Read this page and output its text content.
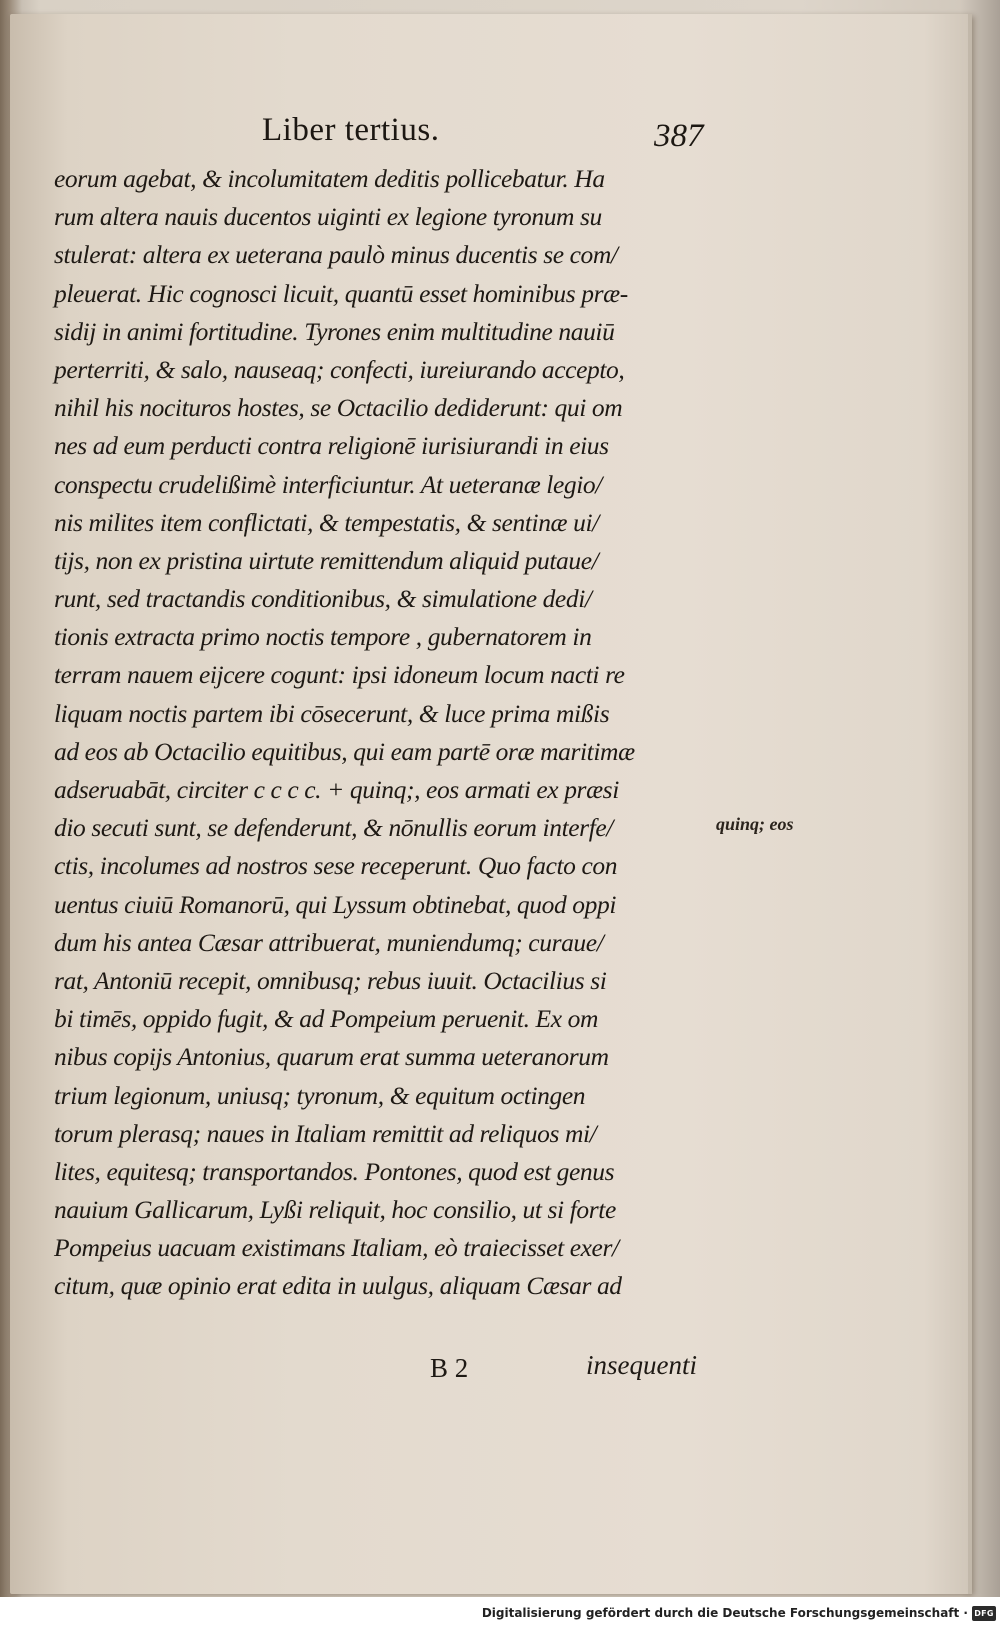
Liber tertius.	387
eorum agebat, & incolumitatem deditis pollicebatur. Ha
rum altera nauis ducentos uiginti ex legione tyronum su
stulerat: altera ex ueterana paulò minus ducentis se com/
pleuerat. Hic cognosci licuit, quantū esset hominibus præ-
sidij in animi fortitudine. Tyrones enim multitudine nauiū
perterriti, & salo, nauseaq; confecti, iureiurando accepto,
nihil his nocituros hostes, se Octacilio dediderunt: qui om
nes ad eum perducti contra religionē iurisiurandi in eius
conspectu crudelißimè interficiuntur. At ueteranæ legio/
nis milites item conflictati, & tempestatis, & sentinæ ui/
tijs, non ex pristina uirtute remittendum aliquid putaue/
runt, sed tractandis conditionibus, & simulatione dedi/
tionis extracta primo noctis tempore , gubernatorem in
terram nauem eijcere cogunt: ipsi idoneum locum nacti re
liquam noctis partem ibi cōsecerunt, & luce prima mißis
ad eos ab Octacilio equitibus, qui eam partē oræ maritimæ
adseruabāt, circiter c c c c. + quinq;, eos armati ex præsi
dio secuti sunt, se defenderunt, & nōnullis eorum interfe/
ctis, incolumes ad nostros sese receperunt. Quo facto con
uentus ciuiū Romanorū, qui Lyssum obtinebat, quod oppi
dum his antea Cæsar attribuerat, muniendumq; curaue/
rat, Antoniū recepit, omnibusq; rebus iuuit. Octacilius si
bi timēs, oppido fugit, & ad Pompeium peruenit. Ex om
nibus copijs Antonius, quarum erat summa ueteranorum
trium legionum, uniusq; tyronum, & equitum octingen
torum plerasq; naues in Italiam remittit ad reliquos mi/
lites, equitesq; transportandos. Pontones, quod est genus
nauium Gallicarum, Lyßi reliquit, hoc consilio, ut si forte
Pompeius uacuam existimans Italiam, eò traiecisset exer/
citum, quæ opinio erat edita in uulgus, aliquam Cæsar ad
quinq; eos
B 2	insequenti
Digitalisierung gefördert durch die Deutsche Forschungsgemeinschaft · DFG
